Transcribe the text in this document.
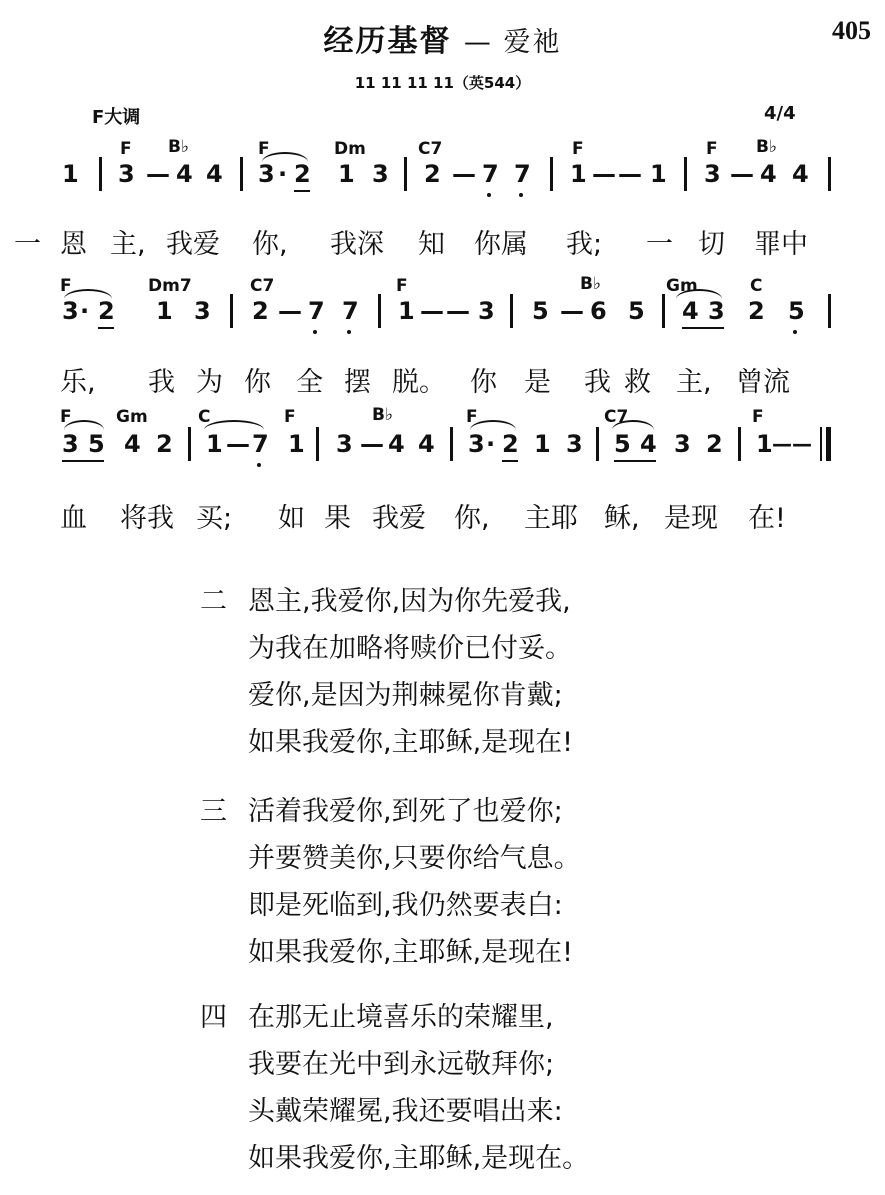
经历基督 — 爱祂	405
11 11 11 11（英544）
F大调	4/4
F B♭	F	Dm	C7	F	F B♭
1 3 — 4 4 3 · 2 1 3 2 — 7 7 1 — — 1 3 — 4 4
一 恩 主, 我爱 你, 我深 知 你属 我; 一 切 罪中
F	Dm7	C7	F	B♭	Gm	C
3 · 2 1 3 2 — 7 7 1 — — 3 5 — 6 5 4 3 2 5
乐, 我 为 你 全 摆 脱。 你 是 我 救 主, 曾流
F	Gm	C	F	B♭	F	C7	F
3 5 4 2 1 — 7 1 3 — 4 4 3 · 2 1 3 5 4 3 2 1 ——
血 将我 买; 如 果 我爱 你, 主耶 稣, 是现 在!
二 恩主,我爱你,因为你先爱我,
为我在加略将赎价已付妥。
爱你,是因为荆棘冕你肯戴;
如果我爱你,主耶稣,是现在!
三 活着我爱你,到死了也爱你;
并要赞美你,只要你给气息。
即是死临到,我仍然要表白:
如果我爱你,主耶稣,是现在!
四 在那无止境喜乐的荣耀里,
我要在光中到永远敬拜你;
头戴荣耀冕,我还要唱出来:
如果我爱你,主耶稣,是现在。
